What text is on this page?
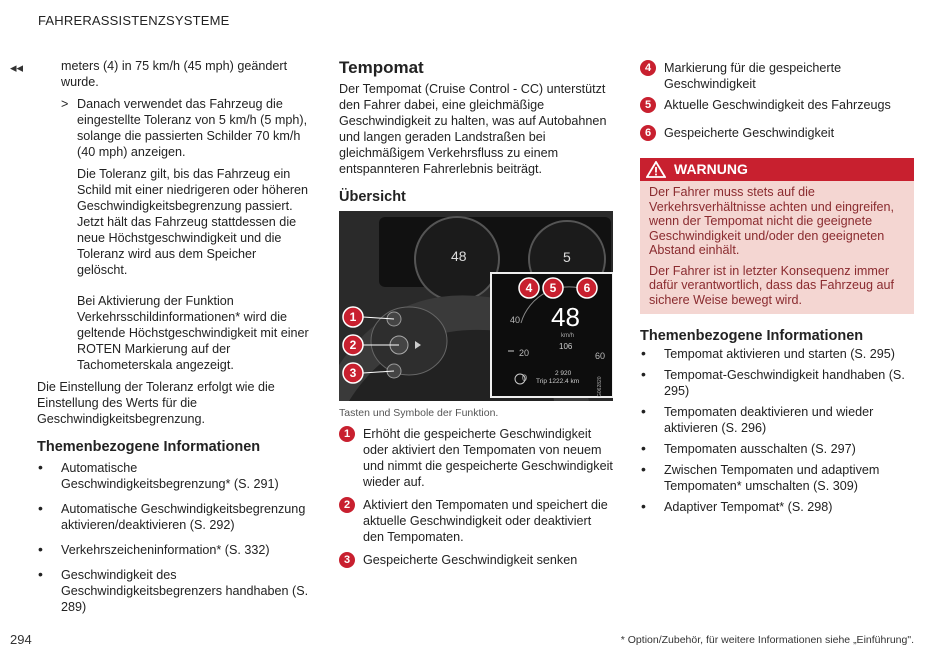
FAHRERASSISTENZSYSTEME
◂◂	meters (4) in 75 km/h (45 mph) geändert wurde.

> Danach verwendet das Fahrzeug die eingestellte Toleranz von 5 km/h (5 mph), solange die passierten Schilder 70 km/h (40 mph) anzeigen.

Die Toleranz gilt, bis das Fahrzeug ein Schild mit einer niedrigeren oder höheren Geschwindigkeitsbegrenzung passiert. Jetzt hält das Fahrzeug stattdessen die neue Höchstgeschwindigkeit und die Toleranz wird aus dem Speicher gelöscht.

Bei Aktivierung der Funktion Verkehrsschildinformationen* wird die geltende Höchstgeschwindigkeit mit einer ROTEN Markierung auf der Tachometerskala angezeigt.

Die Einstellung der Toleranz erfolgt wie die Einstellung des Werts für die Geschwindigkeitsbegrenzung.

Themenbezogene Informationen

• Automatische Geschwindigkeitsbegrenzung* (S. 291)
• Automatische Geschwindigkeitsbegrenzung aktivieren/deaktivieren (S. 292)
• Verkehrszeicheninformation* (S. 332)
• Geschwindigkeit des Geschwindigkeitsbegrenzers handhaben (S. 289)

Tempomat

Der Tempomat (Cruise Control - CC) unterstützt den Fahrer dabei, eine gleichmäßige Geschwindigkeit zu halten, was auf Autobahnen und langen geraden Landstraßen bei gleichmäßigem Verkehrsfluss zu einem entspannteren Fahrerlebnis beiträgt.

Übersicht

48	5
40
20
0
60
48
km/h
106
2 920
Trip 1222.4 km	G062820
1
2
3
4 5 6

Tasten und Symbole der Funktion.

1	Erhöht die gespeicherte Geschwindigkeit oder aktiviert den Tempomaten von neuem und nimmt die gespeicherte Geschwindigkeit wieder auf.
2	Aktiviert den Tempomaten und speichert die aktuelle Geschwindigkeit oder deaktiviert den Tempomaten.
3	Gespeicherte Geschwindigkeit senken
4	Markierung für die gespeicherte Geschwindigkeit
5	Aktuelle Geschwindigkeit des Fahrzeugs
6	Gespeicherte Geschwindigkeit
WARNUNG

Der Fahrer muss stets auf die Verkehrsverhältnisse achten und eingreifen, wenn der Tempomat nicht die geeignete Geschwindigkeit und/oder den geeigneten Abstand einhält.

Der Fahrer ist in letzter Konsequenz immer dafür verantwortlich, dass das Fahrzeug auf sichere Weise bewegt wird.

Themenbezogene Informationen

• Tempomat aktivieren und starten (S. 295)
• Tempomat-Geschwindigkeit handhaben (S. 295)
• Tempomaten deaktivieren und wieder aktivieren (S. 296)
• Tempomaten ausschalten (S. 297)
• Zwischen Tempomaten und adaptivem Tempomaten* umschalten (S. 309)
• Adaptiver Tempomat* (S. 298)
294	* Option/Zubehör, für weitere Informationen siehe „Einführung".
